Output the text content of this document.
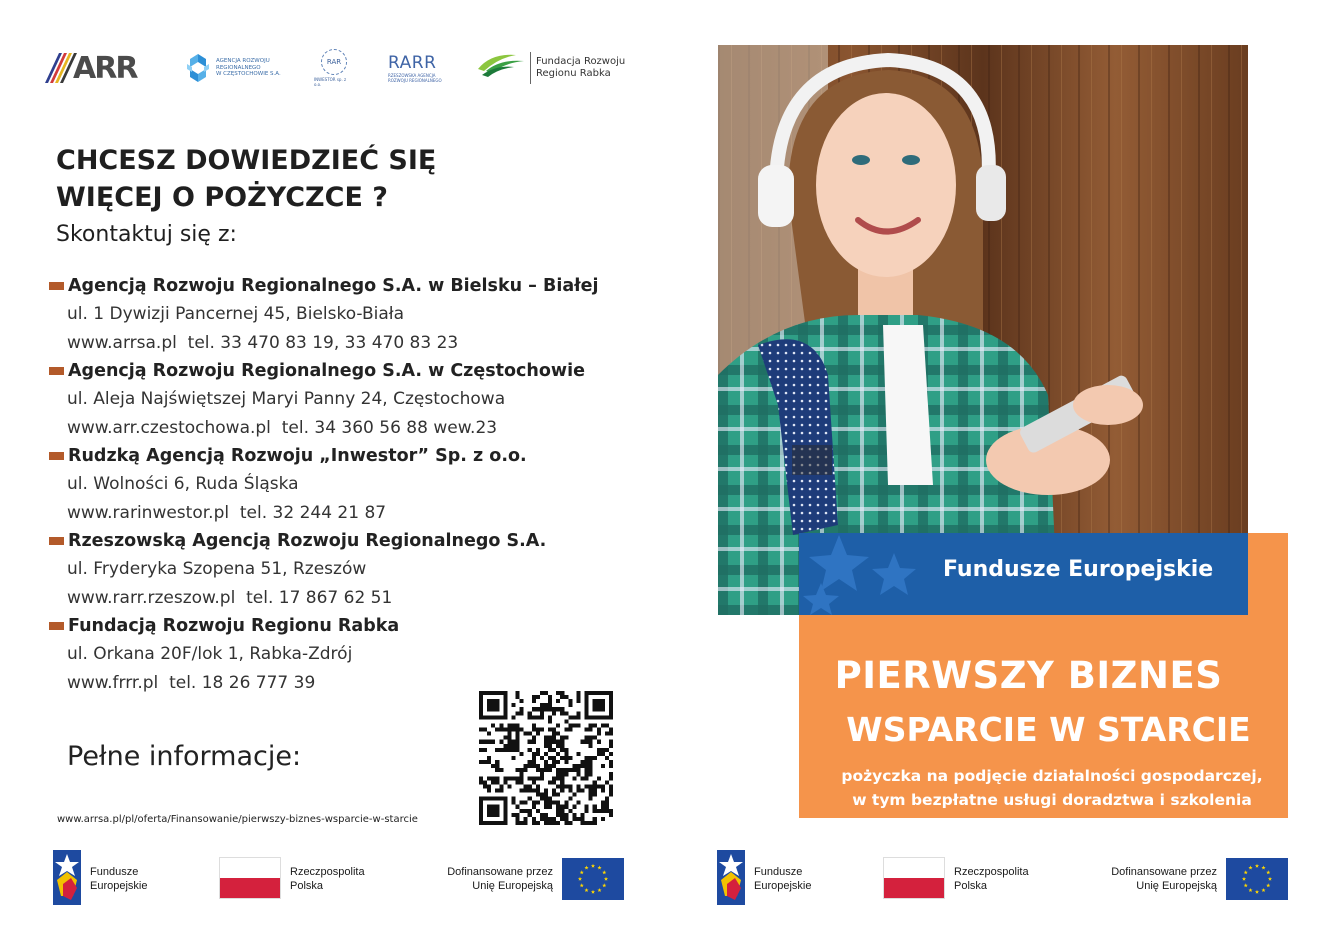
ARR	AGENCJA ROZWOJU
REGIONALNEGO
W CZĘSTOCHOWIE S.A.
RAR
INWESTOR sp. z o.o.
RARR
RZESZOWSKA AGENCJA
ROZWOJU REGIONALNEGO
Fundacja Rozwoju
Regionu Rabka
CHCESZ DOWIEDZIEĆ SIĘ
WIĘCEJ O POŻYCZCE ?
Skontaktuj się z:
Agencją Rozwoju Regionalnego S.A. w Bielsku – Białej
ul. 1 Dywizji Pancernej 45, Bielsko-Biała
www.arrsa.pl  tel. 33 470 83 19, 33 470 83 23
Agencją Rozwoju Regionalnego S.A. w Częstochowie
ul. Aleja Najświętszej Maryi Panny 24, Częstochowa
www.arr.czestochowa.pl  tel. 34 360 56 88 wew.23
Rudzką Agencją Rozwoju „Inwestor” Sp. z o.o.
ul. Wolności 6, Ruda Śląska
www.rarinwestor.pl  tel. 32 244 21 87
Rzeszowską Agencją Rozwoju Regionalnego S.A.
ul. Fryderyka Szopena 51, Rzeszów
www.rarr.rzeszow.pl  tel. 17 867 62 51
Fundacją Rozwoju Regionu Rabka
ul. Orkana 20F/lok 1, Rabka-Zdrój
www.frrr.pl  tel. 18 26 777 39
Pełne informacje:
www.arrsa.pl/pl/oferta/Finansowanie/pierwszy-biznes-wsparcie-w-starcie
Fundusze Europejskie
PIERWSZY BIZNES
WSPARCIE W STARCIE
pożyczka na podjęcie działalności gospodarczej,
w tym bezpłatne usługi doradztwa i szkolenia
Fundusze
Europejskie
Rzeczpospolita
Polska
Dofinansowane przez
Unię Europejską
Fundusze
Europejskie
Rzeczpospolita
Polska
Dofinansowane przez
Unię Europejską
